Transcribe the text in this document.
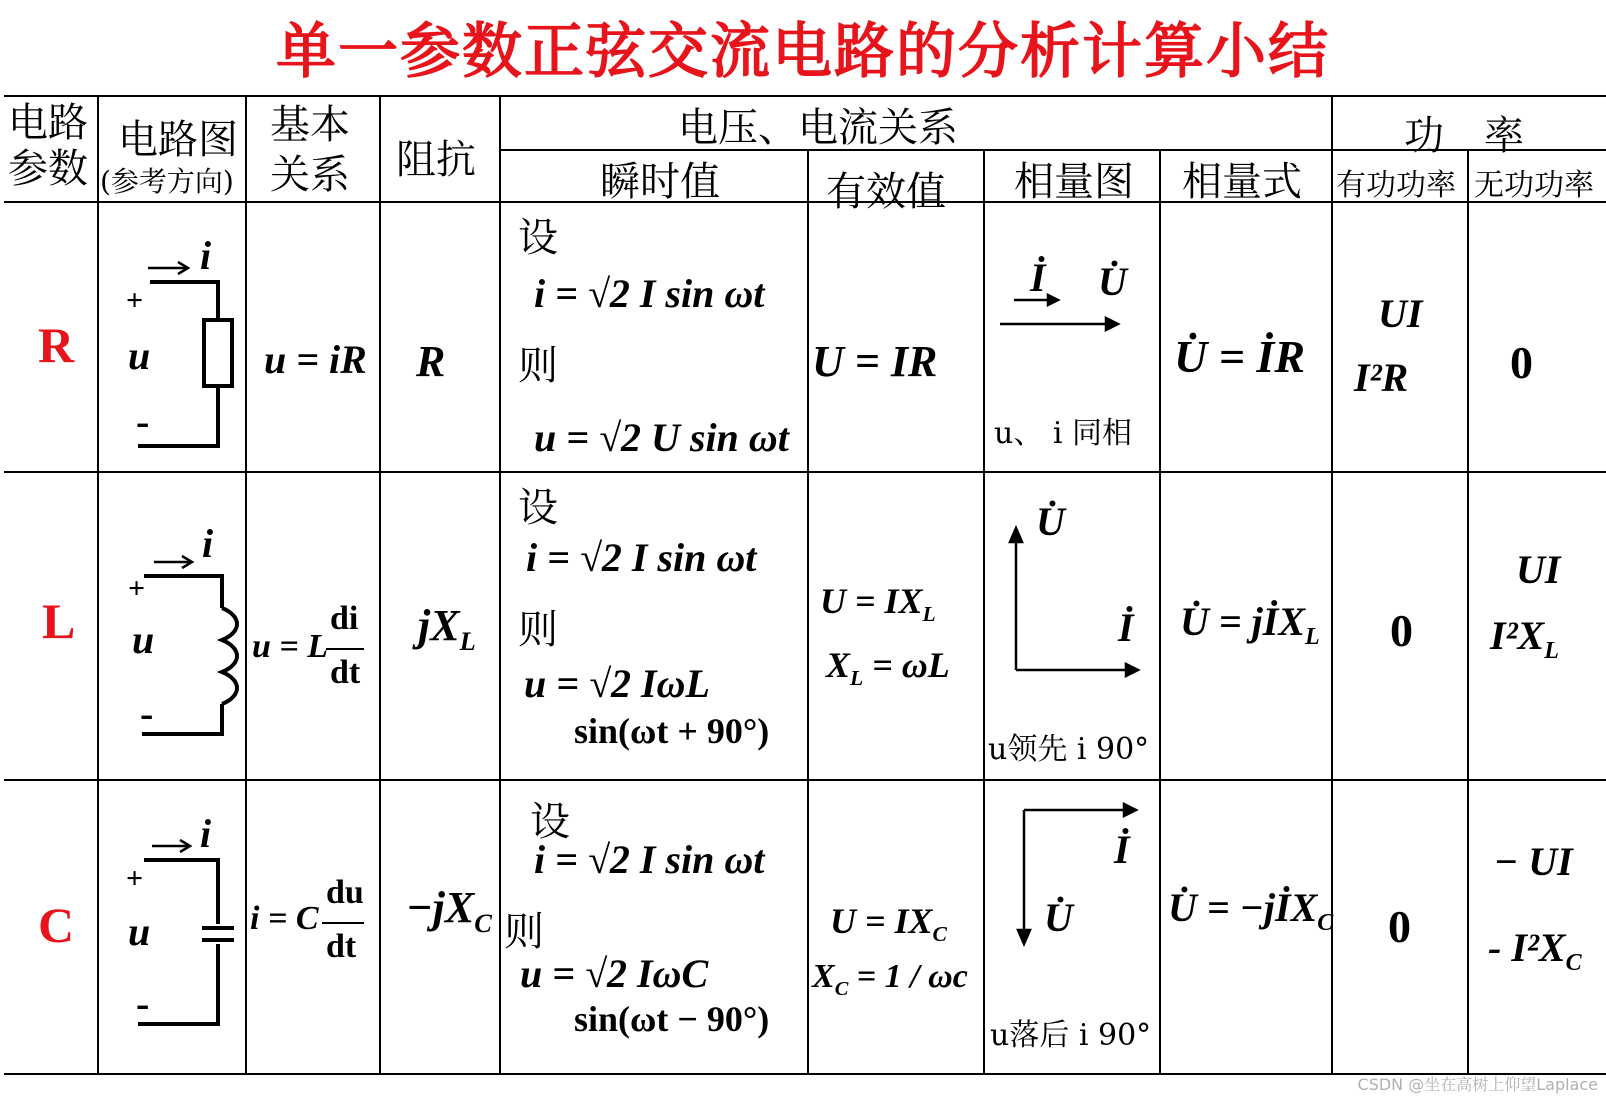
单一参数正弦交流电路的分析计算小结
电路
参数
电路图
(参考方向)
基本
关系 阻抗
电压、电流关系
瞬时值	有效值 相量图 相量式
功　率
有功功率 无功功率
R
i
+
u
-
u = iR R
设
i = √2 I sin ωt
则
u = √2 U sin ωt
U = IR
İ U̇
u、 i 同相
U̇ = İR
UI
I²R 0
L
i
+
u
-
u = L
di
dt
$jX_L$
设
i = √2 I sin ωt
则
u = √2 IωL
sin(ωt + 90°)
$U = IX_L$
$X_L = \omega L$
U̇
İ
u领先 i 90°
U̇ = jİX$_L$ 0
UI
$I^2X_L$
C
i
+
u
-
i = C
du
dt
$-jX_C$
设
i = √2 I sin ωt
则
u = √2 IωC
sin(ωt − 90°)
$U = IX_C$
$X_C = 1 / \omega c$
İ
U̇
u落后 i 90°
U̇ = −jİX$_C$ 0
− UI
- $I^2X_C$
CSDN @坐在高树上仰望Laplace
